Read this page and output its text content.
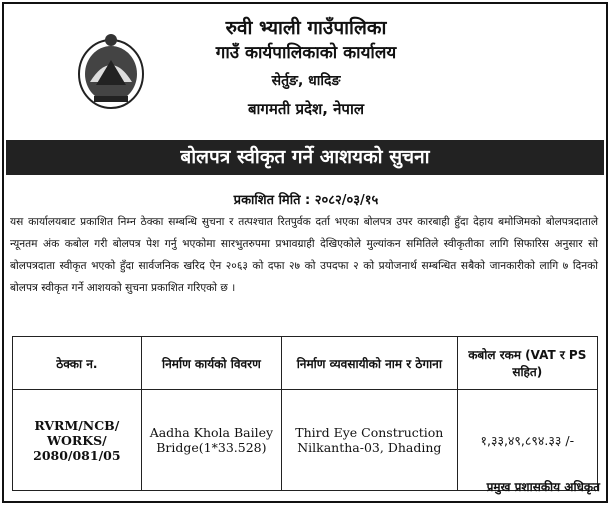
रुवी भ्याली गाउँपालिका
गाउँ कार्यपालिकाको कार्यालय
सेर्तुङ, धादिङ
बागमती प्रदेश, नेपाल
बोलपत्र स्वीकृत गर्ने आशयको सुचना
प्रकाशित मिति : २०८२/०३/१५
यस कार्यालयबाट प्रकाशित निम्न ठेक्का सम्बन्धि सुचना र तत्पश्चात रितपुर्वक दर्ता भएका बोलपत्र उपर कारबाही हुँदा देहाय बमोजिमको बोलपत्रदाताले न्यूनतम अंक कबोल गरी बोलपत्र पेश गर्नु भएकोमा सारभुतरुपमा प्रभावग्राही देखिएकोले मुल्यांकन समितिले स्वीकृतीका लागि सिफारिस अनुसार सो बोलपत्रदाता स्वीकृत भएको हुँदा सार्वजनिक खरिद ऐन २०६३ को दफा २७ को उपदफा २ को प्रयोजनार्थ सम्बन्धित सबैको जानकारीको लागि ७ दिनको बोलपत्र स्वीकृत गर्ने आशयको सुचना प्रकाशित गरिएको छ ।
ठेक्का न.	निर्माण कार्यको विवरण	निर्माण व्यवसायीको नाम र ठेगाना	कबोल रकम (VAT र PS सहित)
RVRM/NCB/ WORKS/ 2080/081/05	Aadha Khola Bailey Bridge(1*33.528)	Third Eye Construction Nilkantha-03, Dhading	१,३३,४९,८९४.३३ /-
प्रमुख प्रशासकीय अधिकृत
